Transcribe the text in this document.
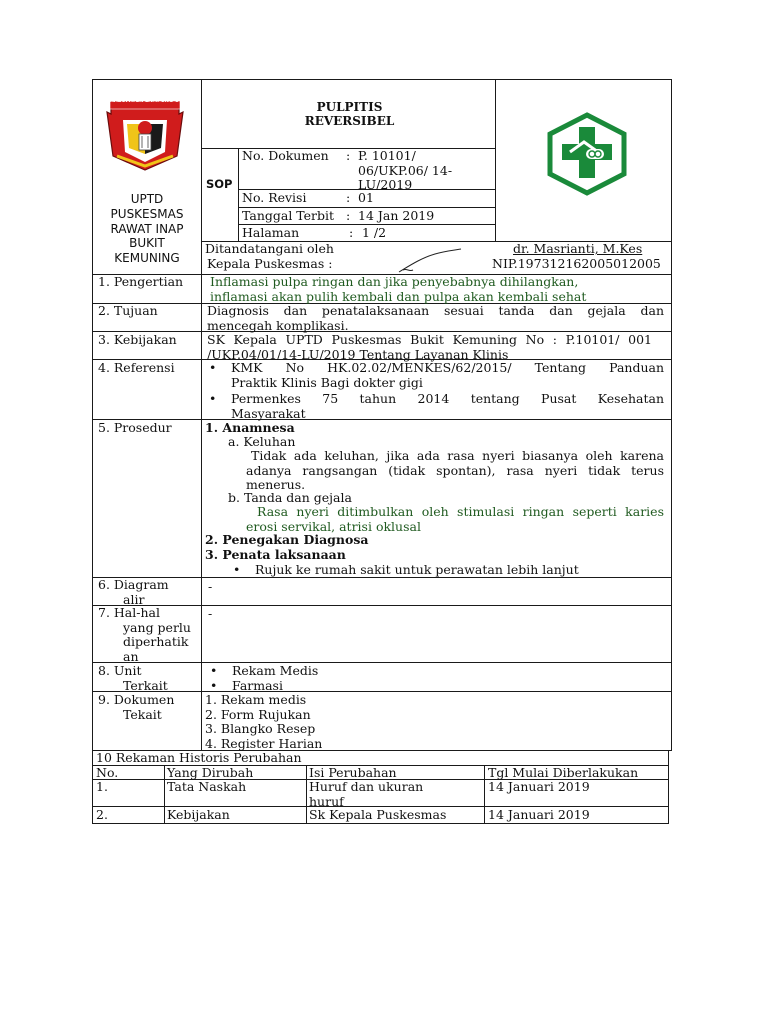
KABUPATEN LAMPUNG UTARA
UPTD
PUSKESMAS
RAWAT INAP
BUKIT
KEMUNING
PULPITIS
REVERSIBEL
SOP
No. Dokumen : P. 10101/
06/UKP.06/ 14-
LU/2019
No. Revisi	: 01
Tanggal Terbit : 14 Jan 2019
Halaman	: 1 /2
Ditandatangani oleh
Kepala Puskesmas :
dr. Masrianti, M.Kes
NIP.197312162005012005
1. Pengertian Inflamasi pulpa ringan dan jika penyebabnya dihilangkan,
inflamasi akan pulih kembali dan pulpa akan kembali sehat
2. Tujuan	Diagnosis dan penatalaksanaan sesuai tanda dan gejala dan
mencegah komplikasi.
3. Kebijakan SK Kepala UPTD Puskesmas Bukit Kemuning No : P.10101/ 001
/UKP.04/01/14-LU/2019 Tentang Layanan Klinis
4. Referensi
•	KMK No HK.02.02/MENKES/62/2015/ Tentang Panduan
Praktik Klinis Bagi dokter gigi
• Permenkes 75 tahun 2014 tentang Pusat Kesehatan
Masyarakat
5. Prosedur	1. Anamnesa
a. Keluhan
Tidak ada keluhan, jika ada rasa nyeri biasanya oleh karena
adanya rangsangan (tidak spontan), rasa nyeri tidak terus
menerus.
b. Tanda dan gejala
Rasa nyeri ditimbulkan oleh stimulasi ringan seperti karies
erosi servikal, atrisi oklusal
2. Penegakan Diagnosa
3. Penata laksanaan
• Rujuk ke rumah sakit untuk perawatan lebih lanjut
6. Diagram
alir
-
7. Hal-hal
yang perlu
diperhatik
an
-
8. Unit
Terkait
• Rekam Medis
• Farmasi
9. Dokumen
Tekait
1. Rekam medis
2. Form Rujukan
3. Blangko Resep
4. Register Harian
10 Rekaman Historis Perubahan
No.	Yang Dirubah	Isi Perubahan	Tgl Mulai Diberlakukan
1.	Tata Naskah	Huruf dan ukuran huruf
14 Januari 2019
2.	Kebijakan	Sk Kepala Puskesmas	14 Januari 2019
